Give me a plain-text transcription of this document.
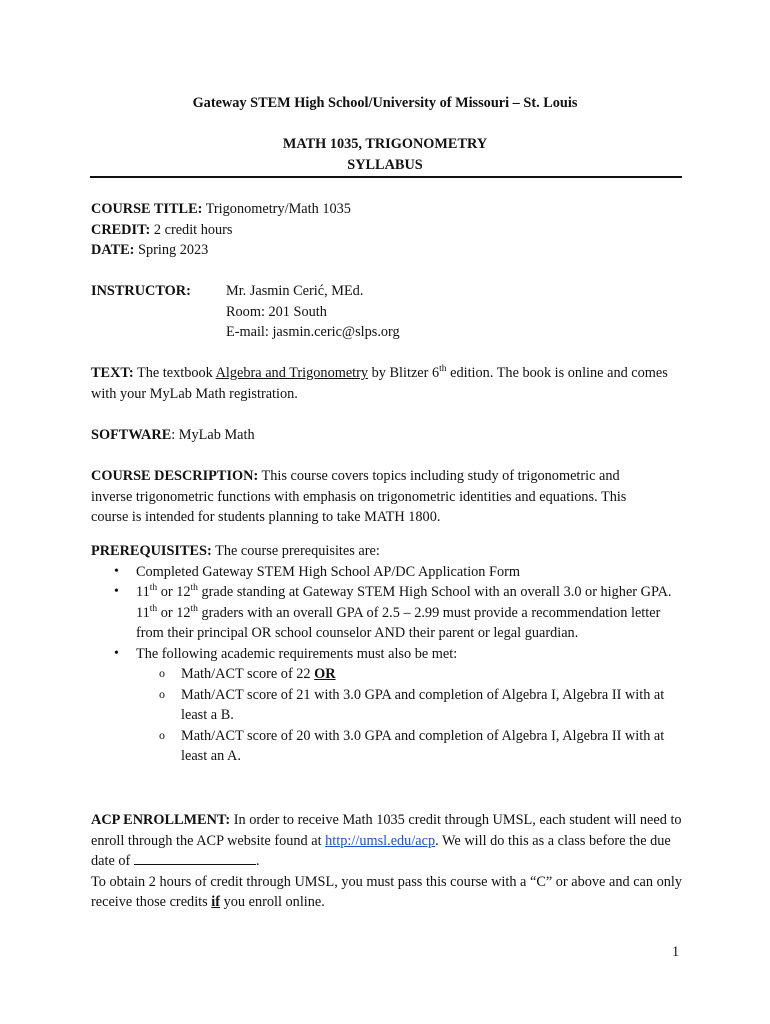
Gateway STEM High School/University of Missouri – St. Louis
MATH 1035, TRIGONOMETRY
SYLLABUS
COURSE TITLE: Trigonometry/Math 1035
CREDIT: 2 credit hours
DATE: Spring 2023
INSTRUCTOR: Mr. Jasmin Cerić, MEd.
Room: 201 South
E-mail: jasmin.ceric@slps.org
TEXT: The textbook Algebra and Trigonometry by Blitzer 6th edition. The book is online and comes with your MyLab Math registration.
SOFTWARE: MyLab Math
COURSE DESCRIPTION: This course covers topics including study of trigonometric and
inverse trigonometric functions with emphasis on trigonometric identities and equations. This
course is intended for students planning to take MATH 1800.
PREREQUISITES: The course prerequisites are:
• Completed Gateway STEM High School AP/DC Application Form
• 11th or 12th grade standing at Gateway STEM High School with an overall 3.0 or higher GPA. 11th or 12th graders with an overall GPA of 2.5 – 2.99 must provide a recommendation letter from their principal OR school counselor AND their parent or legal guardian.
• The following academic requirements must also be met:
o Math/ACT score of 22 OR
o Math/ACT score of 21 with 3.0 GPA and completion of Algebra I, Algebra II with at least a B.
o Math/ACT score of 20 with 3.0 GPA and completion of Algebra I, Algebra II with at least an A.
ACP ENROLLMENT: In order to receive Math 1035 credit through UMSL, each student will need to enroll through the ACP website found at http://umsl.edu/acp. We will do this as a class before the due date of	.
To obtain 2 hours of credit through UMSL, you must pass this course with a “C” or above and can only receive those credits if you enroll online.
1
